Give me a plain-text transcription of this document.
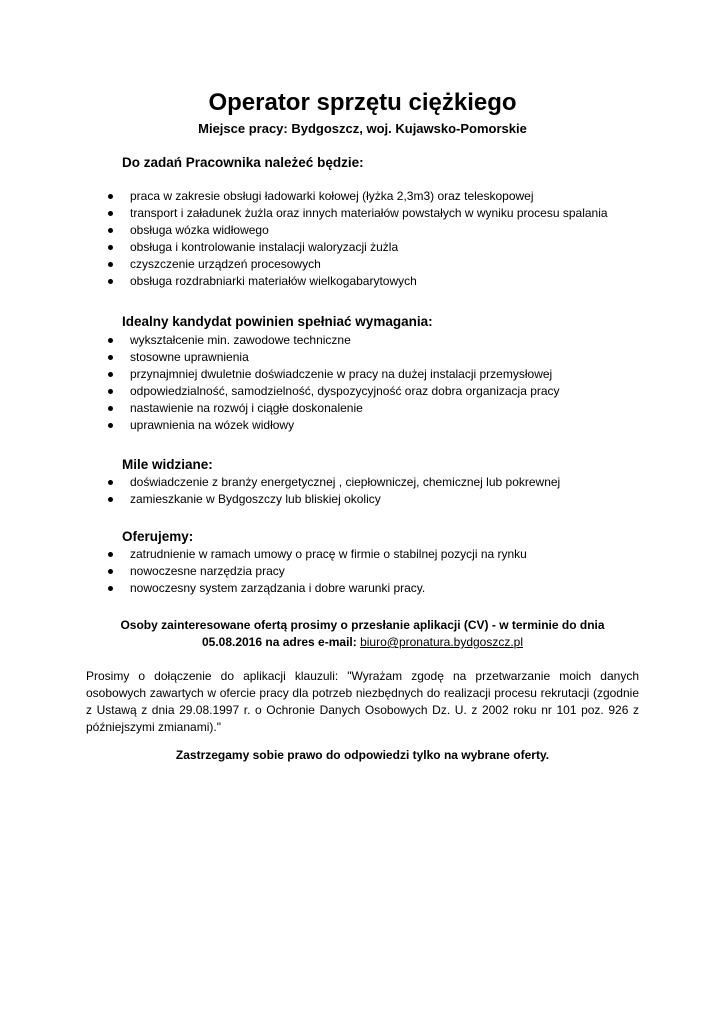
Operator sprzętu ciężkiego
Miejsce pracy: Bydgoszcz, woj. Kujawsko-Pomorskie
Do zadań Pracownika należeć będzie:
praca w zakresie obsługi ładowarki kołowej (łyżka 2,3m3) oraz teleskopowej
transport i załadunek żużla oraz innych materiałów powstałych w wyniku procesu spalania
obsługa wózka widłowego
obsługa i kontrolowanie instalacji waloryzacji żużla
czyszczenie urządzeń procesowych
obsługa rozdrabniarki materiałów wielkogabarytowych
Idealny kandydat powinien spełniać wymagania:
wykształcenie min. zawodowe techniczne
stosowne uprawnienia
przynajmniej dwuletnie doświadczenie w pracy na dużej instalacji przemysłowej
odpowiedzialność, samodzielność, dyspozycyjność oraz dobra organizacja pracy
nastawienie na rozwój i ciągłe doskonalenie
uprawnienia na wózek widłowy
Mile widziane:
doświadczenie z branży energetycznej , ciepłowniczej, chemicznej lub pokrewnej
zamieszkanie w Bydgoszczy lub bliskiej okolicy
Oferujemy:
zatrudnienie w ramach umowy o pracę w firmie o stabilnej pozycji na rynku
nowoczesne narzędzia pracy
nowoczesny system zarządzania i dobre warunki pracy.
Osoby zainteresowane ofertą prosimy o przesłanie aplikacji (CV) - w terminie do dnia
05.08.2016 na adres e-mail: biuro@pronatura.bydgoszcz.pl
Prosimy o dołączenie do aplikacji klauzuli: "Wyrażam zgodę na przetwarzanie moich danych osobowych zawartych w ofercie pracy dla potrzeb niezbędnych do realizacji procesu rekrutacji (zgodnie z Ustawą z dnia 29.08.1997 r. o Ochronie Danych Osobowych Dz. U. z 2002 roku nr 101 poz. 926 z późniejszymi zmianami)."
Zastrzegamy sobie prawo do odpowiedzi tylko na wybrane oferty.
